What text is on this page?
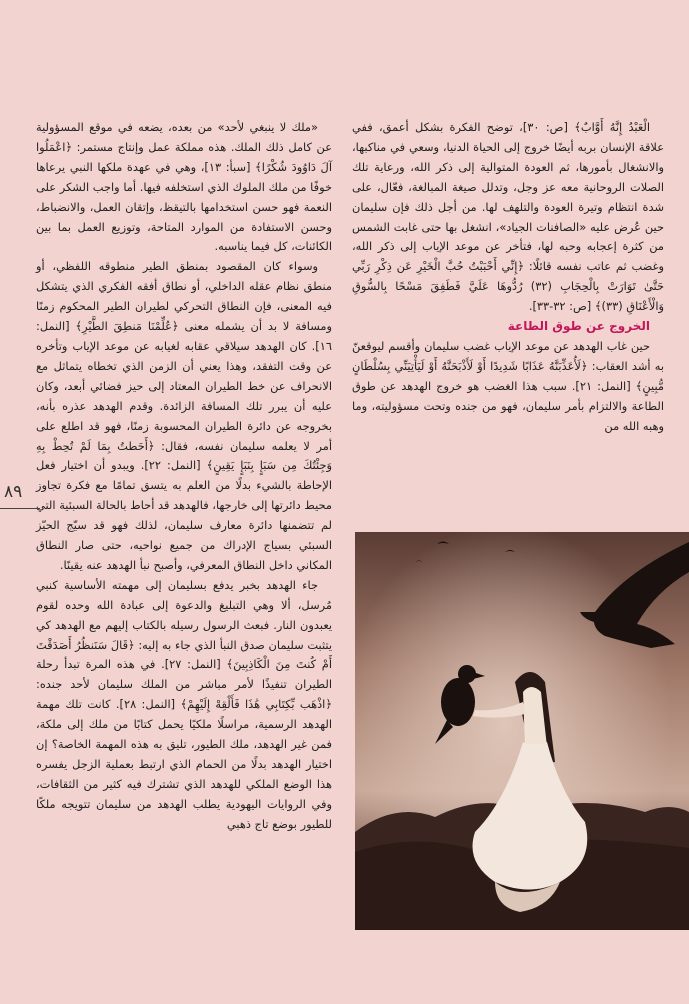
الْعَبْدُ إِنَّهُ أَوَّابٌ﴾ [ص: ٣٠]، توضح الفكرة بشكل أعمق، ففي علاقة الإنسان بربه أيضًا خروج إلى الحياة الدنيا، وسعي في مناكبها، والانشغال بأمورها، ثم العودة المتوالية إلى ذكر الله، ورعاية تلك الصلات الروحانية معه عز وجل، وتدلل صيغة المبالغة، فعّال، على شدة انتظام وتيرة العودة والتلهف لها. من أجل ذلك فإن سليمان حين عُرض عليه «الصافنات الجياد»، انشغل بها حتى غابت الشمس من كثرة إعجابه وحبه لها، فتأخر عن موعد الإياب إلى ذكر الله، وغضب ثم عاتب نفسه قائلًا: ﴿إِنِّي أَحْبَبْتُ حُبَّ الْخَيْرِ عَن ذِكْرِ رَبِّي حَتَّىٰ تَوَارَتْ بِالْحِجَابِ (٣٢) رُدُّوهَا عَلَيَّ فَطَفِقَ مَسْحًا بِالسُّوقِ وَالْأَعْنَاقِ (٣٣)﴾ [ص: ٣٢-٣٣].

الخروج عن طوق الطاعة

حين غاب الهدهد عن موعد الإياب غضب سليمان وأقسم ليوقعنّ به أشد العقاب: ﴿لَأُعَذِّبَنَّهُ عَذَابًا شَدِيدًا أَوْ لَأَذْبَحَنَّهُ أَوْ لَيَأْتِيَنِّي بِسُلْطَانٍ مُّبِينٍ﴾ [النمل: ٢١]. سبب هذا الغضب هو خروج الهدهد عن طوق الطاعة والالتزام بأمر سليمان، فهو من جنده وتحت مسؤوليته، وما وهبه الله من

«ملك لا ينبغي لأحد» من بعده، يضعه في موقع المسؤولية عن كامل ذلك الملك. هذه مملكة عمل وإنتاج مستمر: ﴿اعْمَلُوا آلَ دَاوُودَ شُكْرًا﴾ [سبأ: ١٣]، وهي في عهدة ملكها النبي يرعاها خوفًا من ملك الملوك الذي استخلفه فيها. أما واجب الشكر على النعمة فهو حسن استخدامها بالتيقظ، وإتقان العمل، والانضباط، وحسن الاستفادة من الموارد المتاحة، وتوزيع العمل بما بين الكائنات، كل فيما يناسبه.

وسواء كان المقصود بمنطق الطير منطوقه اللفظي، أو منطق نظام عقله الداخلي، أو نطاق أفقه الفكري الذي يتشكل فيه المعنى، فإن النطاق التحركي لطيران الطير المحكوم زمنًا ومسافة لا بد أن يشمله معنى ﴿عُلِّمْنَا مَنطِقَ الطَّيْرِ﴾ [النمل: ١٦]. كان الهدهد سيلاقي عقابه لغيابه عن موعد الإياب وتأخره عن وقت التفقد، وهذا يعني أن الزمن الذي تخطاه يتماثل مع الانحراف عن خط الطيران المعتاد إلى حيز فضائي أبعد، وكان عليه أن يبرر تلك المسافة الزائدة. وقدم الهدهد عذره بأنه، بخروجه عن دائرة الطيران المحسوبة زمنًا، فهو قد اطلع على أمر لا يعلمه سليمان نفسه، فقال: ﴿أَحَطتُ بِمَا لَمْ تُحِطْ بِهِ وَجِئْتُكَ مِن سَبَإٍ بِنَبَإٍ يَقِينٍ﴾ [النمل: ٢٢]. ويبدو أن اختيار فعل الإحاطة بالشيء بدلًا من العلم به يتسق تمامًا مع فكرة تجاوز محيط دائرتها إلى خارجها، فالهدهد قد أحاط بالحالة السبئية التي لم تتضمنها دائرة معارف سليمان، لذلك فهو قد سيّج الحيّز السبئي بسياج الإدراك من جميع نواحيه، حتى صار النطاق المكاني داخل النطاق المعرفي، وأصبح نبأ الهدهد عنه يقينًا.

جاء الهدهد بخبر يدفع بسليمان إلى مهمته الأساسية كنبي مُرسل، ألا وهي التبليغ والدعوة إلى عبادة الله وحده لقوم يعبدون النار. فبعث الرسول رسيله بالكتاب إليهم مع الهدهد كي يتثبت سليمان صدق النبأ الذي جاء به إليه: ﴿قَالَ سَنَنظُرُ أَصَدَقْتَ أَمْ كُنتَ مِنَ الْكَاذِبِينَ﴾ [النمل: ٢٧]. في هذه المرة تبدأ رحلة الطيران تنفيذًا لأمر مباشر من الملك سليمان لأحد جنده: ﴿اذْهَب بِّكِتَابِي هَٰذَا فَأَلْقِهْ إِلَيْهِمْ﴾ [النمل: ٢٨]. كانت تلك مهمة الهدهد الرسمية، مراسلًا ملكيًا يحمل كتابًا من ملك إلى ملكة، فمن غير الهدهد، ملك الطيور، تليق به هذه المهمة الخاصة؟ إن اختيار الهدهد بدلًا من الحمام الذي ارتبط بعملية الزجل يفسره هذا الوضع الملكي للهدهد الذي تشترك فيه كثير من الثقافات، وفي الروايات اليهودية يطلب الهدهد من سليمان تتويجه ملكًا للطيور بوضع تاج ذهبي

٨٩
